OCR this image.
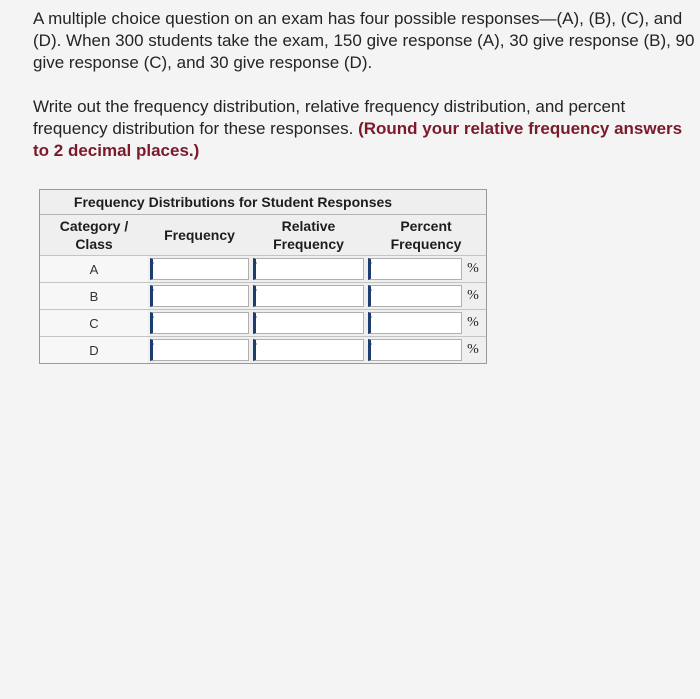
A multiple choice question on an exam has four possible responses—(A), (B), (C), and (D). When 300 students take the exam, 150 give response (A), 30 give response (B), 90 give response (C), and 30 give response (D).

Write out the frequency distribution, relative frequency distribution, and percent frequency distribution for these responses. (Round your relative frequency answers to 2 decimal places.)

Frequency Distributions for Student Responses
Category / Class	Frequency	Relative Frequency	Percent Frequency
A			%

B			%

C			%

D			%
